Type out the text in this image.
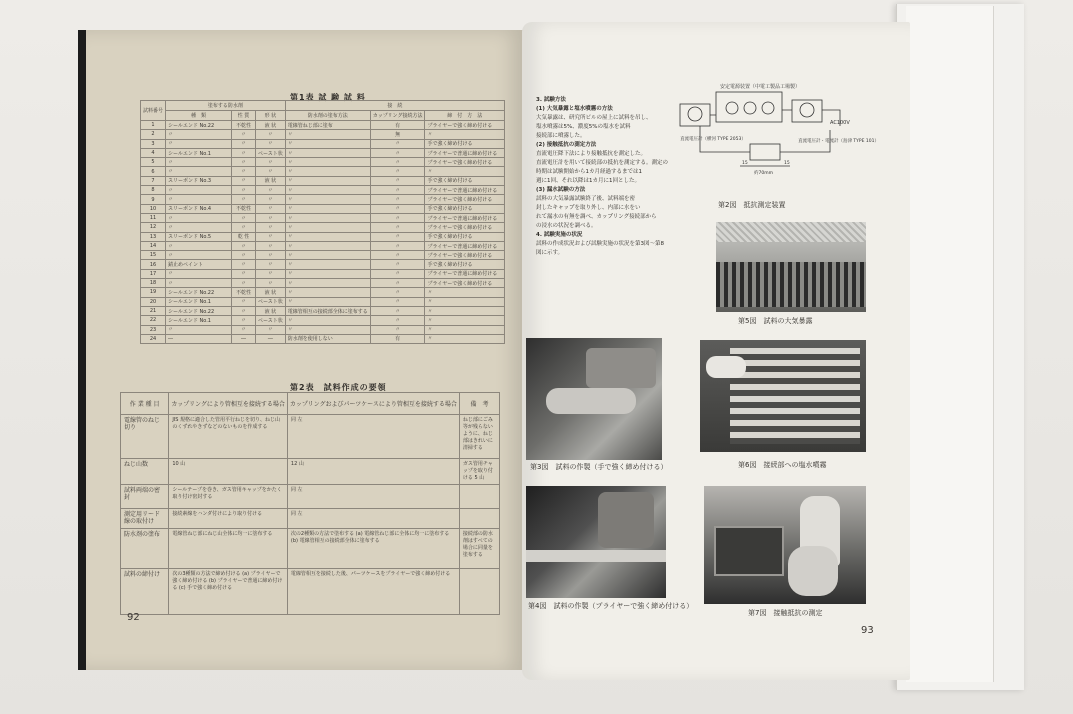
第1表 試 験 試 料
試料番号	塗布する防水剤			接　続		
	種　類	性 質	形 状	防水剤の塗布方法	カップリング接続方法	締　付　方　法
1	シールエンド No.22	不乾性	液 状	電線管ねじ部に塗布	有	プライヤーで強く締め付ける
2	〃	〃	〃	〃	無	〃
3	〃	〃	〃	〃	〃	手で強く締め付ける
4	シールエンド No.1	〃	ペースト状	〃	〃	プライヤーで普通に締め付ける
5	〃	〃	〃	〃	〃	プライヤーで強く締め付ける
6	〃	〃	〃	〃	〃	〃
7	スリーボンド No.3	〃	液 状	〃	〃	手で強く締め付ける
8	〃	〃	〃	〃	〃	プライヤーで普通に締め付ける
9	〃	〃	〃	〃	〃	プライヤーで強く締め付ける
10	スリーボンド No.4	不乾性	〃	〃	〃	手で強く締め付ける
11	〃	〃	〃	〃	〃	プライヤーで普通に締め付ける
12	〃	〃	〃	〃	〃	プライヤーで強く締め付ける
13	スリーボンド No.5	乾 性	〃	〃	〃	手で強く締め付ける
14	〃	〃	〃	〃	〃	プライヤーで普通に締め付ける
15	〃	〃	〃	〃	〃	プライヤーで強く締め付ける
16	錆止めペイント	〃	〃	〃	〃	手で強く締め付ける
17	〃	〃	〃	〃	〃	プライヤーで普通に締め付ける
18	〃	〃	〃	〃	〃	プライヤーで強く締め付ける
19	シールエンド No.22	不乾性	液 状	〃	〃	〃
20	シールエンド No.1	〃	ペースト状	〃	〃	〃
21	シールエンド No.22	〃	液 状	電線管相互の接続部全体に塗布する	〃	〃
22	シールエンド No.1	〃	ペースト状	〃	〃	〃
23	〃	〃	〃	〃	〃	〃
24	―	―	―	防水剤を使用しない	有	〃
第2表　試料作成の要領
作 業 種 目	カップリングにより管相互を接続する場合	カップリングおよびパーツケースにより管相互を接続する場合	備　考
電線管のねじ切り	JIS 規格に適合した管用平行ねじを切り、ねじ山のくずれやきずなどのないものを作成する	同 左	ねじ部にごみ等が残らないように、ねじ部はきれいに清掃する
ねじ山数	10 山	12 山	ガス管用チャップを取り付ける 5 山
試料両端の密封	シールテープを巻き、ガス管用キャップをかたく取り付け密封する	同 左	
測定用リード線の取付け	接続素線をハンダ付けにより取り付ける	同 左	
防水剤の塗布	電線管ねじ部にねじ山全体に均一に塗布する	次の2種類の方法で塗布する (a) 電線管ねじ部に全体に均一に塗布する (b) 電線管相互の接続部全体に塗布する	接続部の防水剤はすべての場合に同量を塗布する
試料の締付け	次の3種類の方法で締め付ける (a) プライヤーで強く締め付ける (b) プライヤーで普通に締め付ける (c) 手で強く締め付ける	電線管相互を接続した後、パーツケースをプライヤーで強く締め付ける	
92
3. 試験方法
(1) 大気暴露と塩水噴霧の方法
大気暴露は、研究所ビルの屋上に試料を吊し、
塩水噴霧は5%、濃度5%の塩水を試料
接続部に噴霧した。
(2) 接触抵抗の測定方法
直流電圧降下法により接触抵抗を測定した。
直流電圧計を用いて接続部の抵抗を測定する。測定の
時期は試験開始から1カ月経過するまでは1
週に1回、それ以降は1カ月に1回とした。
(3) 漏水試験の方法
試料の大気暴露試験終了後、試料端を密
封したキャップを取り外し、内部に水をい
れて漏水の有無を調べ、カップリング接続部から
の浸水の状況を調べる。
4. 試験実施の状況
試料の作成状況および試験実施の状況を第3図～第8
図に示す。
安定電源装置（中電工製品工場製）
直流電圧計（横河 TYPE 2053）	直流電圧計・電流計（島津 TYPE 101）
AC100V
15	15
約70mm
第2図　抵抗測定装置
第5図　試料の大気暴露
第3図　試料の作製（手で強く締め付ける）	第6図　接続部への塩水噴霧
第4図　試料の作製（プライヤーで強く締め付ける）
第7図　接触抵抗の測定
93
